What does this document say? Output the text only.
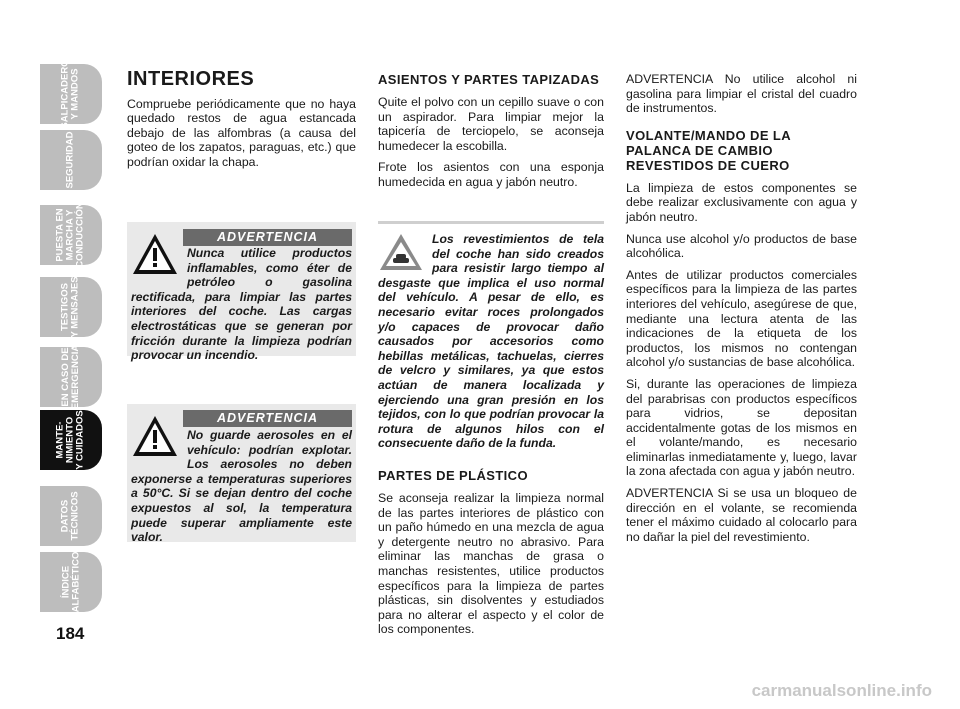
SALPICADERO
Y MANDOS
SEGURIDAD
PUESTA EN
MARCHA Y
CONDUCCIÓN
TESTIGOS
Y MENSAJES
EN CASO DE
EMERGENCIA
MANTE-
NIMIENTO
Y CUIDADOS
DATOS
TÉCNICOS
ÍNDICE
ALFABÉTICO
184
INTERIORES

Compruebe periódicamente que no haya quedado restos de agua estancada debajo de las alfombras (a causa del goteo de los zapatos, paraguas, etc.) que podrían oxidar la chapa.

Nunca utilice productos inflamables, como éter de petróleo o gasolina rectificada, para limpiar las partes interiores del coche. Las cargas electrostáticas que se generan por fricción durante la limpieza podrían provocar un incendio.
ADVERTENCIA
No guarde aerosoles en el vehículo: podrían explotar. Los aerosoles no deben exponerse a temperaturas superiores a 50°C. Si se dejan dentro del coche expuestos al sol, la temperatura puede superar ampliamente este valor.
ADVERTENCIA
ASIENTOS Y PARTES TAPIZADAS

Quite el polvo con un cepillo suave o con un aspirador. Para limpiar mejor la tapicería de terciopelo, se aconseja humedecer la escobilla.

Frote los asientos con una esponja humedecida en agua y jabón neutro.

Los revestimientos de tela del coche han sido creados para resistir largo tiempo al desgaste que implica el uso normal del vehículo. A pesar de ello, es necesario evitar roces prolongados y/o capaces de provocar daño causados por accesorios como hebillas metálicas, tachuelas, cierres de velcro y similares, ya que estos actúan de manera localizada y ejerciendo una gran presión en los tejidos, con lo que podrían provocar la rotura de algunos hilos con el consecuente daño de la funda.
PARTES DE PLÁSTICO

Se aconseja realizar la limpieza normal de las partes interiores de plástico con un paño húmedo en una mezcla de agua y detergente neutro no abrasivo. Para eliminar las manchas de grasa o manchas resistentes, utilice productos específicos para la limpieza de partes plásticas, sin disolventes y estudiados para no alterar el aspecto y el color de los componentes.

ADVERTENCIA No utilice alcohol ni gasolina para limpiar el cristal del cuadro de instrumentos.

VOLANTE/MANDO DE LA PALANCA DE CAMBIO REVESTIDOS DE CUERO

La limpieza de estos componentes se debe realizar exclusivamente con agua y jabón neutro.

Nunca use alcohol y/o productos de base alcohólica.

Antes de utilizar productos comerciales específicos para la limpieza de las partes interiores del vehículo, asegúrese de que, mediante una lectura atenta de las indicaciones de la etiqueta de los productos, los mismos no contengan alcohol y/o sustancias de base alcohólica.

Si, durante las operaciones de limpieza del parabrisas con productos específicos para vidrios, se depositan accidentalmente gotas de los mismos en el volante/mando, es necesario eliminarlas inmediatamente y, luego, lavar la zona afectada con agua y jabón neutro.

ADVERTENCIA Si se usa un bloqueo de dirección en el volante, se recomienda tener el máximo cuidado al colocarlo para no dañar la piel del revestimiento.

carmanualsonline.info
